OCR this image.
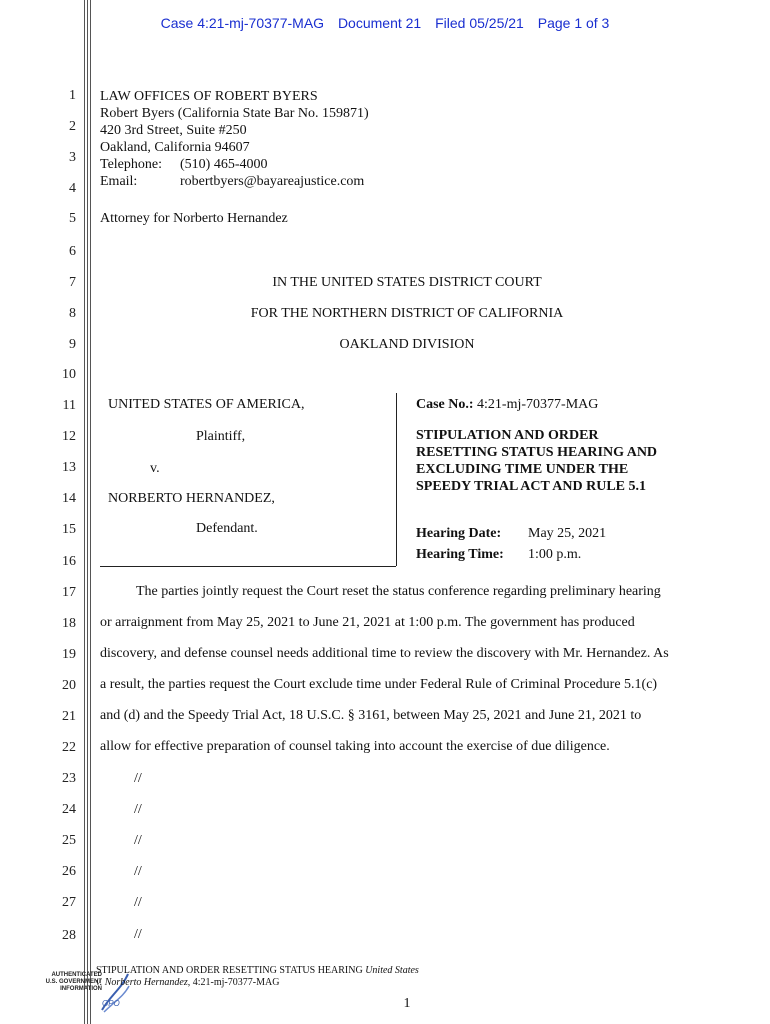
Case 4:21-mj-70377-MAG Document 21 Filed 05/25/21 Page 1 of 3
1
2
3
4
5
6
7
8
9
10
11
12
13
14
15
16
17
18
19
20
21
22
23
24
25
26
27
28
LAW OFFICES OF ROBERT BYERS
Robert Byers (California State Bar No. 159871)
420 3rd Street, Suite #250
Oakland, California 94607
Telephone: (510) 465-4000
Email:	robertbyers@bayareajustice.com
Attorney for Norberto Hernandez
IN THE UNITED STATES DISTRICT COURT
FOR THE NORTHERN DISTRICT OF CALIFORNIA
OAKLAND DIVISION
UNITED STATES OF AMERICA,
Plaintiff,
v.
NORBERTO HERNANDEZ,
Defendant.
Case No.: 4:21-mj-70377-MAG
STIPULATION AND ORDER
RESETTING STATUS HEARING AND
EXCLUDING TIME UNDER THE
SPEEDY TRIAL ACT AND RULE 5.1
Hearing Date: May 25, 2021
Hearing Time: 1:00 p.m.
The parties jointly request the Court reset the status conference regarding preliminary hearing
or arraignment from May 25, 2021 to June 21, 2021 at 1:00 p.m. The government has produced
discovery, and defense counsel needs additional time to review the discovery with Mr. Hernandez. As
a result, the parties request the Court exclude time under Federal Rule of Criminal Procedure 5.1(c)
and (d) and the Speedy Trial Act, 18 U.S.C. § 3161, between May 25, 2021 and June 21, 2021 to
allow for effective preparation of counsel taking into account the exercise of due diligence.
//
//
//
//
//
//
GPO
AUTHENTICATED
U.S. GOVERNMENT
INFORMATION
STIPULATION AND ORDER RESETTING STATUS HEARING United States
v. Norberto Hernandez, 4:21-mj-70377-MAG
1
